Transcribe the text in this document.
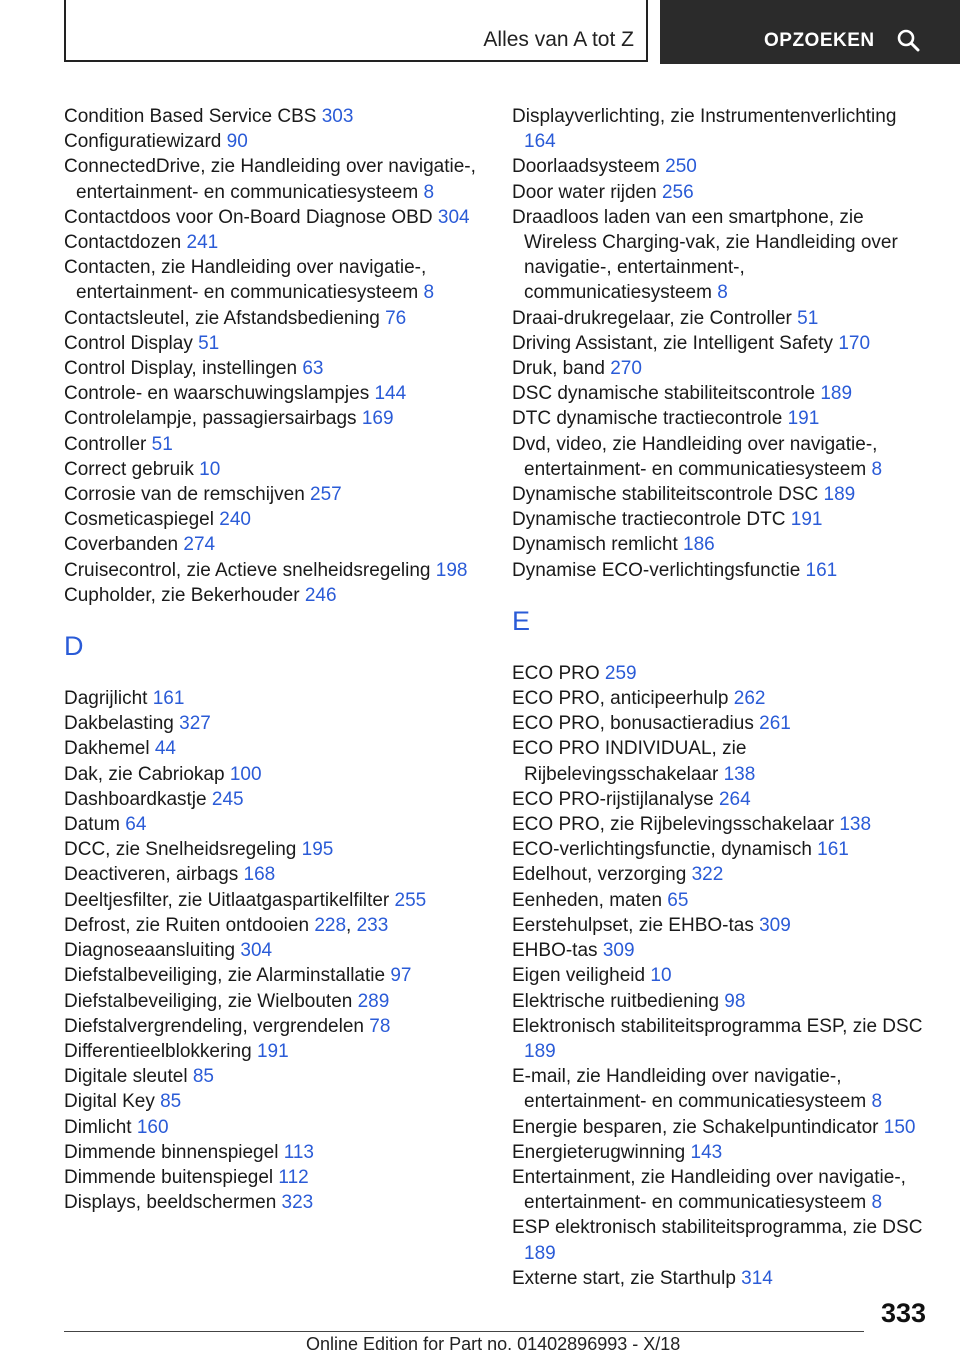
Alles van A tot Z	OPZOEKEN
Condition Based Service CBS 303
Configuratiewizard 90
ConnectedDrive, zie Handleiding over navigatie-, entertainment- en communicatiesysteem 8
Contactdoos voor On-Board Diagnose OBD 304
Contactdozen 241
Contacten, zie Handleiding over navigatie-, entertainment- en communicatiesysteem 8
Contactsleutel, zie Afstandsbediening 76
Control Display 51
Control Display, instellingen 63
Controle- en waarschuwingslampjes 144
Controlelampje, passagiersairbags 169
Controller 51
Correct gebruik 10
Corrosie van de remschijven 257
Cosmeticaspiegel 240
Coverbanden 274
Cruisecontrol, zie Actieve snelheidsregeling 198
Cupholder, zie Bekerhouder 246
D
Dagrijlicht 161
Dakbelasting 327
Dakhemel 44
Dak, zie Cabriokap 100
Dashboardkastje 245
Datum 64
DCC, zie Snelheidsregeling 195
Deactiveren, airbags 168
Deeltjesfilter, zie Uitlaatgaspartikelfilter 255
Defrost, zie Ruiten ontdooien 228, 233
Diagnoseaansluiting 304
Diefstalbeveiliging, zie Alarminstallatie 97
Diefstalbeveiliging, zie Wielbouten 289
Diefstalvergrendeling, vergrendelen 78
Differentieelblokkering 191
Digitale sleutel 85
Digital Key 85
Dimlicht 160
Dimmende binnenspiegel 113
Dimmende buitenspiegel 112
Displays, beeldschermen 323
Displayverlichting, zie Instrumentenverlichting 164
Doorlaadsysteem 250
Door water rijden 256
Draadloos laden van een smartphone, zie Wireless Charging-vak, zie Handleiding over navigatie-, entertainment-, communicatiesysteem 8
Draai-drukregelaar, zie Controller 51
Driving Assistant, zie Intelligent Safety 170
Druk, band 270
DSC dynamische stabiliteitscontrole 189
DTC dynamische tractiecontrole 191
Dvd, video, zie Handleiding over navigatie-, entertainment- en communicatiesysteem 8
Dynamische stabiliteitscontrole DSC 189
Dynamische tractiecontrole DTC 191
Dynamisch remlicht 186
Dynamise ECO-verlichtingsfunctie 161
E
ECO PRO 259
ECO PRO, anticipeerhulp 262
ECO PRO, bonusactieradius 261
ECO PRO INDIVIDUAL, zie Rijbelevingsschakelaar 138
ECO PRO-rijstijlanalyse 264
ECO PRO, zie Rijbelevingsschakelaar 138
ECO-verlichtingsfunctie, dynamisch 161
Edelhout, verzorging 322
Eenheden, maten 65
Eerstehulpset, zie EHBO-tas 309
EHBO-tas 309
Eigen veiligheid 10
Elektrische ruitbediening 98
Elektronisch stabiliteitsprogramma ESP, zie DSC 189
E-mail, zie Handleiding over navigatie-, entertainment- en communicatiesysteem 8
Energie besparen, zie Schakelpuntindicator 150
Energieterugwinning 143
Entertainment, zie Handleiding over navigatie-, entertainment- en communicatiesysteem 8
ESP elektronisch stabiliteitsprogramma, zie DSC 189
Externe start, zie Starthulp 314
333
Online Edition for Part no. 01402896993 - X/18
